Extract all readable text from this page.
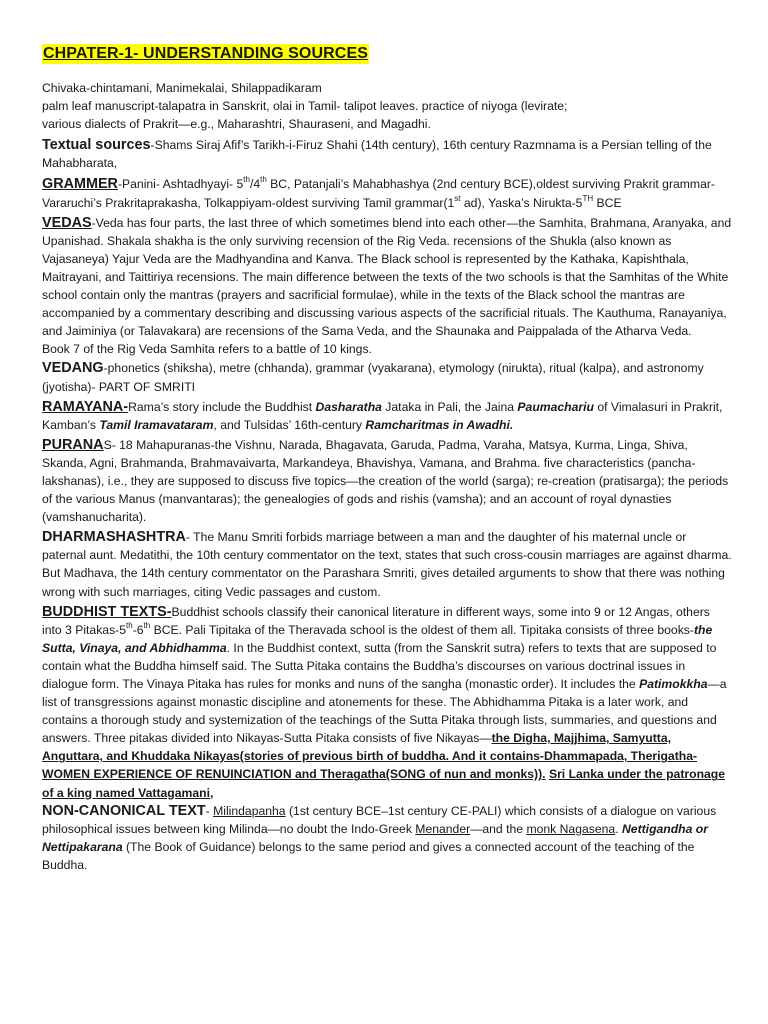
CHPATER-1- UNDERSTANDING SOURCES

Chivaka-chintamani, Manimekalai, Shilappadikaram

palm leaf manuscript-talapatra in Sanskrit, olai in Tamil- talipot leaves. practice of niyoga (levirate;

various dialects of Prakrit—e.g., Maharashtri, Shauraseni, and Magadhi.

Textual sources-Shams Siraj Afif’s Tarikh-i-Firuz Shahi (14th century), 16th century Razmnama is a Persian telling of the Mahabharata,

GRAMMER-Panini- Ashtadhyayi- 5th/4th BC, Patanjali’s Mahabhashya (2nd century BCE),oldest surviving Prakrit grammar-Vararuchi’s Prakritaprakasha, Tolkappiyam-oldest surviving Tamil grammar(1st ad), Yaska’s Nirukta-5TH BCE

VEDAS-Veda has four parts, the last three of which sometimes blend into each other—the Samhita, Brahmana, Aranyaka, and Upanishad. Shakala shakha is the only surviving recension of the Rig Veda. recensions of the Shukla (also known as Vajasaneya) Yajur Veda are the Madhyandina and Kanva. The Black school is represented by the Kathaka, Kapishthala, Maitrayani, and Taittiriya recensions. The main difference between the texts of the two schools is that the Samhitas of the White school contain only the mantras (prayers and sacrificial formulae), while in the texts of the Black school the mantras are accompanied by a commentary describing and discussing various aspects of the sacrificial rituals. The Kauthuma, Ranayaniya, and Jaiminiya (or Talavakara) are recensions of the Sama Veda, and the Shaunaka and Paippalada of the Atharva Veda.

Book 7 of the Rig Veda Samhita refers to a battle of 10 kings.

VEDANG-phonetics (shiksha), metre (chhanda), grammar (vyakarana), etymology (nirukta), ritual (kalpa), and astronomy (jyotisha)- PART OF SMRITI

RAMAYANA-Rama’s story include the Buddhist Dasharatha Jataka in Pali, the Jaina Paumachariu of Vimalasuri in Prakrit, Kamban’s Tamil Iramavataram, and Tulsidas’ 16th-century Ramcharitmas in Awadhi.

PURANAS- 18 Mahapuranas-the Vishnu, Narada, Bhagavata, Garuda, Padma, Varaha, Matsya, Kurma, Linga, Shiva, Skanda, Agni, Brahmanda, Brahmavaivarta, Markandeya, Bhavishya, Vamana, and Brahma. five characteristics (pancha-lakshanas), i.e., they are supposed to discuss five topics—the creation of the world (sarga); re-creation (pratisarga); the periods of the various Manus (manvantaras); the genealogies of gods and rishis (vamsha); and an account of royal dynasties (vamshanucharita).

DHARMASHASHTRA- The Manu Smriti forbids marriage between a man and the daughter of his maternal uncle or paternal aunt. Medatithi, the 10th century commentator on the text, states that such cross-cousin marriages are against dharma. But Madhava, the 14th century commentator on the Parashara Smriti, gives detailed arguments to show that there was nothing wrong with such marriages, citing Vedic passages and custom.

BUDDHIST TEXTS-Buddhist schools classify their canonical literature in different ways, some into 9 or 12 Angas, others into 3 Pitakas-5th-6th BCE. Pali Tipitaka of the Theravada school is the oldest of them all. Tipitaka consists of three books-the Sutta, Vinaya, and Abhidhamma. In the Buddhist context, sutta (from the Sanskrit sutra) refers to texts that are supposed to contain what the Buddha himself said. The Sutta Pitaka contains the Buddha’s discourses on various doctrinal issues in dialogue form. The Vinaya Pitaka has rules for monks and nuns of the sangha (monastic order). It includes the Patimokkha—a list of transgressions against monastic discipline and atonements for these. The Abhidhamma Pitaka is a later work, and contains a thorough study and systemization of the teachings of the Sutta Pitaka through lists, summaries, and questions and answers. Three pitakas divided into Nikayas-Sutta Pitaka consists of five Nikayas—the Digha, Majjhima, Samyutta, Anguttara, and Khuddaka Nikayas(stories of previous birth of buddha. And it contains-Dhammapada, Therigatha-WOMEN EXPERIENCE OF RENUINCIATION and Theragatha(SONG of nun and monks)). Sri Lanka under the patronage of a king named Vattagamani,

NON-CANONICAL TEXT- Milindapanha (1st century BCE–1st century CE-PALI) which consists of a dialogue on various philosophical issues between king Milinda—no doubt the Indo-Greek Menander—and the monk Nagasena. Nettigandha or Nettipakarana (The Book of Guidance) belongs to the same period and gives a connected account of the teaching of the Buddha.
